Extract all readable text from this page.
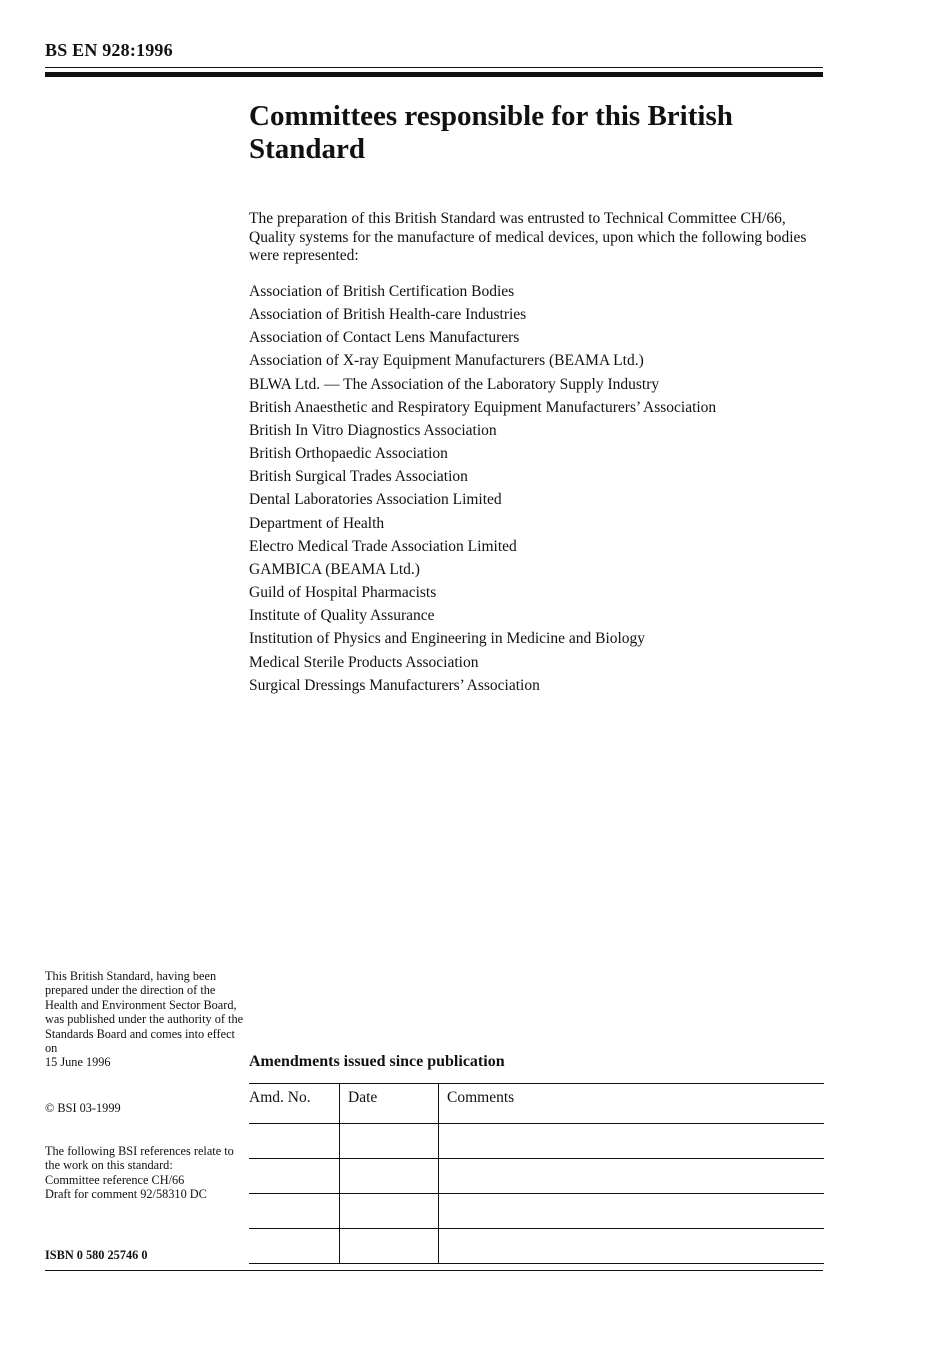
BS EN 928:1996
Committees responsible for this British Standard

The preparation of this British Standard was entrusted to Technical Committee CH/66, Quality systems for the manufacture of medical devices, upon which the following bodies were represented:

Association of British Certification Bodies
Association of British Health-care Industries
Association of Contact Lens Manufacturers
Association of X-ray Equipment Manufacturers (BEAMA Ltd.)
BLWA Ltd. — The Association of the Laboratory Supply Industry
British Anaesthetic and Respiratory Equipment Manufacturers’ Association
British In Vitro Diagnostics Association
British Orthopaedic Association
British Surgical Trades Association
Dental Laboratories Association Limited
Department of Health
Electro Medical Trade Association Limited
GAMBICA (BEAMA Ltd.)
Guild of Hospital Pharmacists
Institute of Quality Assurance
Institution of Physics and Engineering in Medicine and Biology
Medical Sterile Products Association
Surgical Dressings Manufacturers’ Association
This British Standard, having been prepared under the direction of the Health and Environment Sector Board, was published under the authority of the Standards Board and comes into effect on
15 June 1996
© BSI 03-1999
The following BSI references relate to the work on this standard:
Committee reference CH/66
Draft for comment 92/58310 DC
ISBN 0 580 25746 0
Amendments issued since publication
Amd. No.	Date	Comments
